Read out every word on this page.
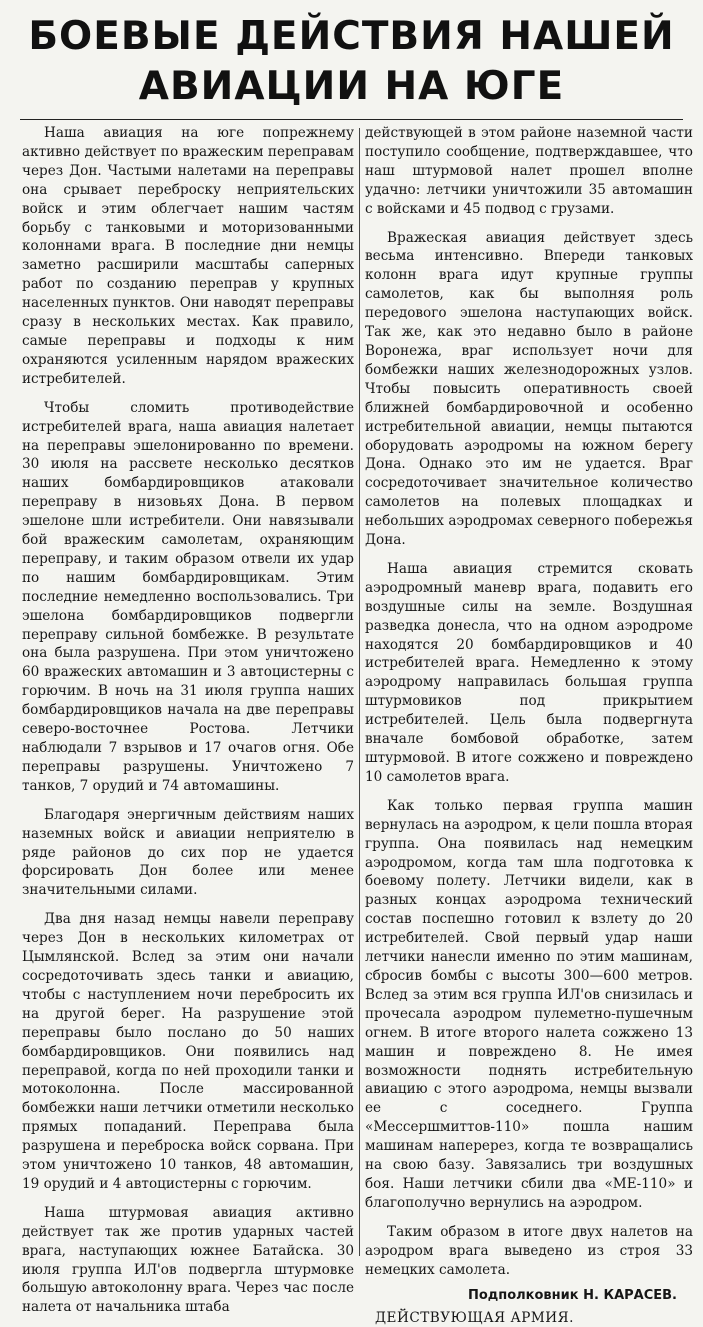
БОЕВЫЕ ДЕЙСТВИЯ НАШЕЙ
АВИАЦИИ НА ЮГЕ

Наша авиация на юге попрежнему активно действует по вражеским переправам через Дон. Частыми налетами на переправы она срывает переброску неприятельских войск и этим облегчает нашим частям борьбу с танковыми и моторизованными колоннами врага. В последние дни немцы заметно расширили масштабы саперных работ по созданию переправ у крупных населенных пунктов. Они наводят переправы сразу в нескольких местах. Как правило, самые переправы и подходы к ним охраняются усиленным нарядом вражеских истребителей.

Чтобы сломить противодействие истребителей врага, наша авиация налетает на переправы эшелонированно по времени. 30 июля на рассвете несколько десятков наших бомбардировщиков атаковали переправу в низовьях Дона. В первом эшелоне шли истребители. Они навязывали бой вражеским самолетам, охраняющим переправу, и таким образом отвели их удар по нашим бомбардировщикам. Этим последние немедленно воспользовались. Три эшелона бомбардировщиков подвергли переправу сильной бомбежке. В результате она была разрушена. При этом уничтожено 60 вражеских автомашин и 3 автоцистерны с горючим. В ночь на 31 июля группа наших бомбардировщиков начала на две переправы северо-восточнее Ростова. Летчики наблюдали 7 взрывов и 17 очагов огня. Обе переправы разрушены. Уничтожено 7 танков, 7 орудий и 74 автомашины.

Благодаря энергичным действиям наших наземных войск и авиации неприятелю в ряде районов до сих пор не удается форсировать Дон более или менее значительными силами.

Два дня назад немцы навели переправу через Дон в нескольких километрах от Цымлянской. Вслед за этим они начали сосредоточивать здесь танки и авиацию, чтобы с наступлением ночи перебросить их на другой берег. На разрушение этой переправы было послано до 50 наших бомбардировщиков. Они появились над переправой, когда по ней проходили танки и мотоколонна. После массированной бомбежки наши летчики отметили несколько прямых попаданий. Переправа была разрушена и переброска войск сорвана. При этом уничтожено 10 танков, 48 автомашин, 19 орудий и 4 автоцистерны с горючим.

Наша штурмовая авиация активно действует так же против ударных частей врага, наступающих южнее Батайска. 30 июля группа ИЛ'ов подвергла штурмовке большую автоколонну врага. Через час после налета от начальника штаба

действующей в этом районе наземной части поступило сообщение, подтверждавшее, что наш штурмовой налет прошел вполне удачно: летчики уничтожили 35 автомашин с войсками и 45 подвод с грузами.

Вражеская авиация действует здесь весьма интенсивно. Впереди танковых колонн врага идут крупные группы самолетов, как бы выполняя роль передового эшелона наступающих войск. Так же, как это недавно было в районе Воронежа, враг использует ночи для бомбежки наших железнодорожных узлов. Чтобы повысить оперативность своей ближней бомбардировочной и особенно истребительной авиации, немцы пытаются оборудовать аэродромы на южном берегу Дона. Однако это им не удается. Враг сосредоточивает значительное количество самолетов на полевых площадках и небольших аэродромах северного побережья Дона.

Наша авиация стремится сковать аэродромный маневр врага, подавить его воздушные силы на земле. Воздушная разведка донесла, что на одном аэродроме находятся 20 бомбардировщиков и 40 истребителей врага. Немедленно к этому аэродрому направилась большая группа штурмовиков под прикрытием истребителей. Цель была подвергнута вначале бомбовой обработке, затем штурмовой. В итоге сожжено и повреждено 10 самолетов врага.

Как только первая группа машин вернулась на аэродром, к цели пошла вторая группа. Она появилась над немецким аэродромом, когда там шла подготовка к боевому полету. Летчики видели, как в разных концах аэродрома технический состав поспешно готовил к взлету до 20 истребителей. Свой первый удар наши летчики нанесли именно по этим машинам, сбросив бомбы с высоты 300—600 метров. Вслед за этим вся группа ИЛ'ов снизилась и прочесала аэродром пулеметно-пушечным огнем. В итоге второго налета сожжено 13 машин и повреждено 8. Не имея возможности поднять истребительную авиацию с этого аэродрома, немцы вызвали ее с соседнего. Группа «Мессершмиттов-110» пошла нашим машинам наперерез, когда те возвращались на свою базу. Завязались три воздушных боя. Наши летчики сбили два «МЕ-110» и благополучно вернулись на аэродром.

Таким образом в итоге двух налетов на аэродром врага выведено из строя 33 немецких самолета.

Подполковник Н. КАРАСЕВ.
ДЕЙСТВУЮЩАЯ АРМИЯ.
